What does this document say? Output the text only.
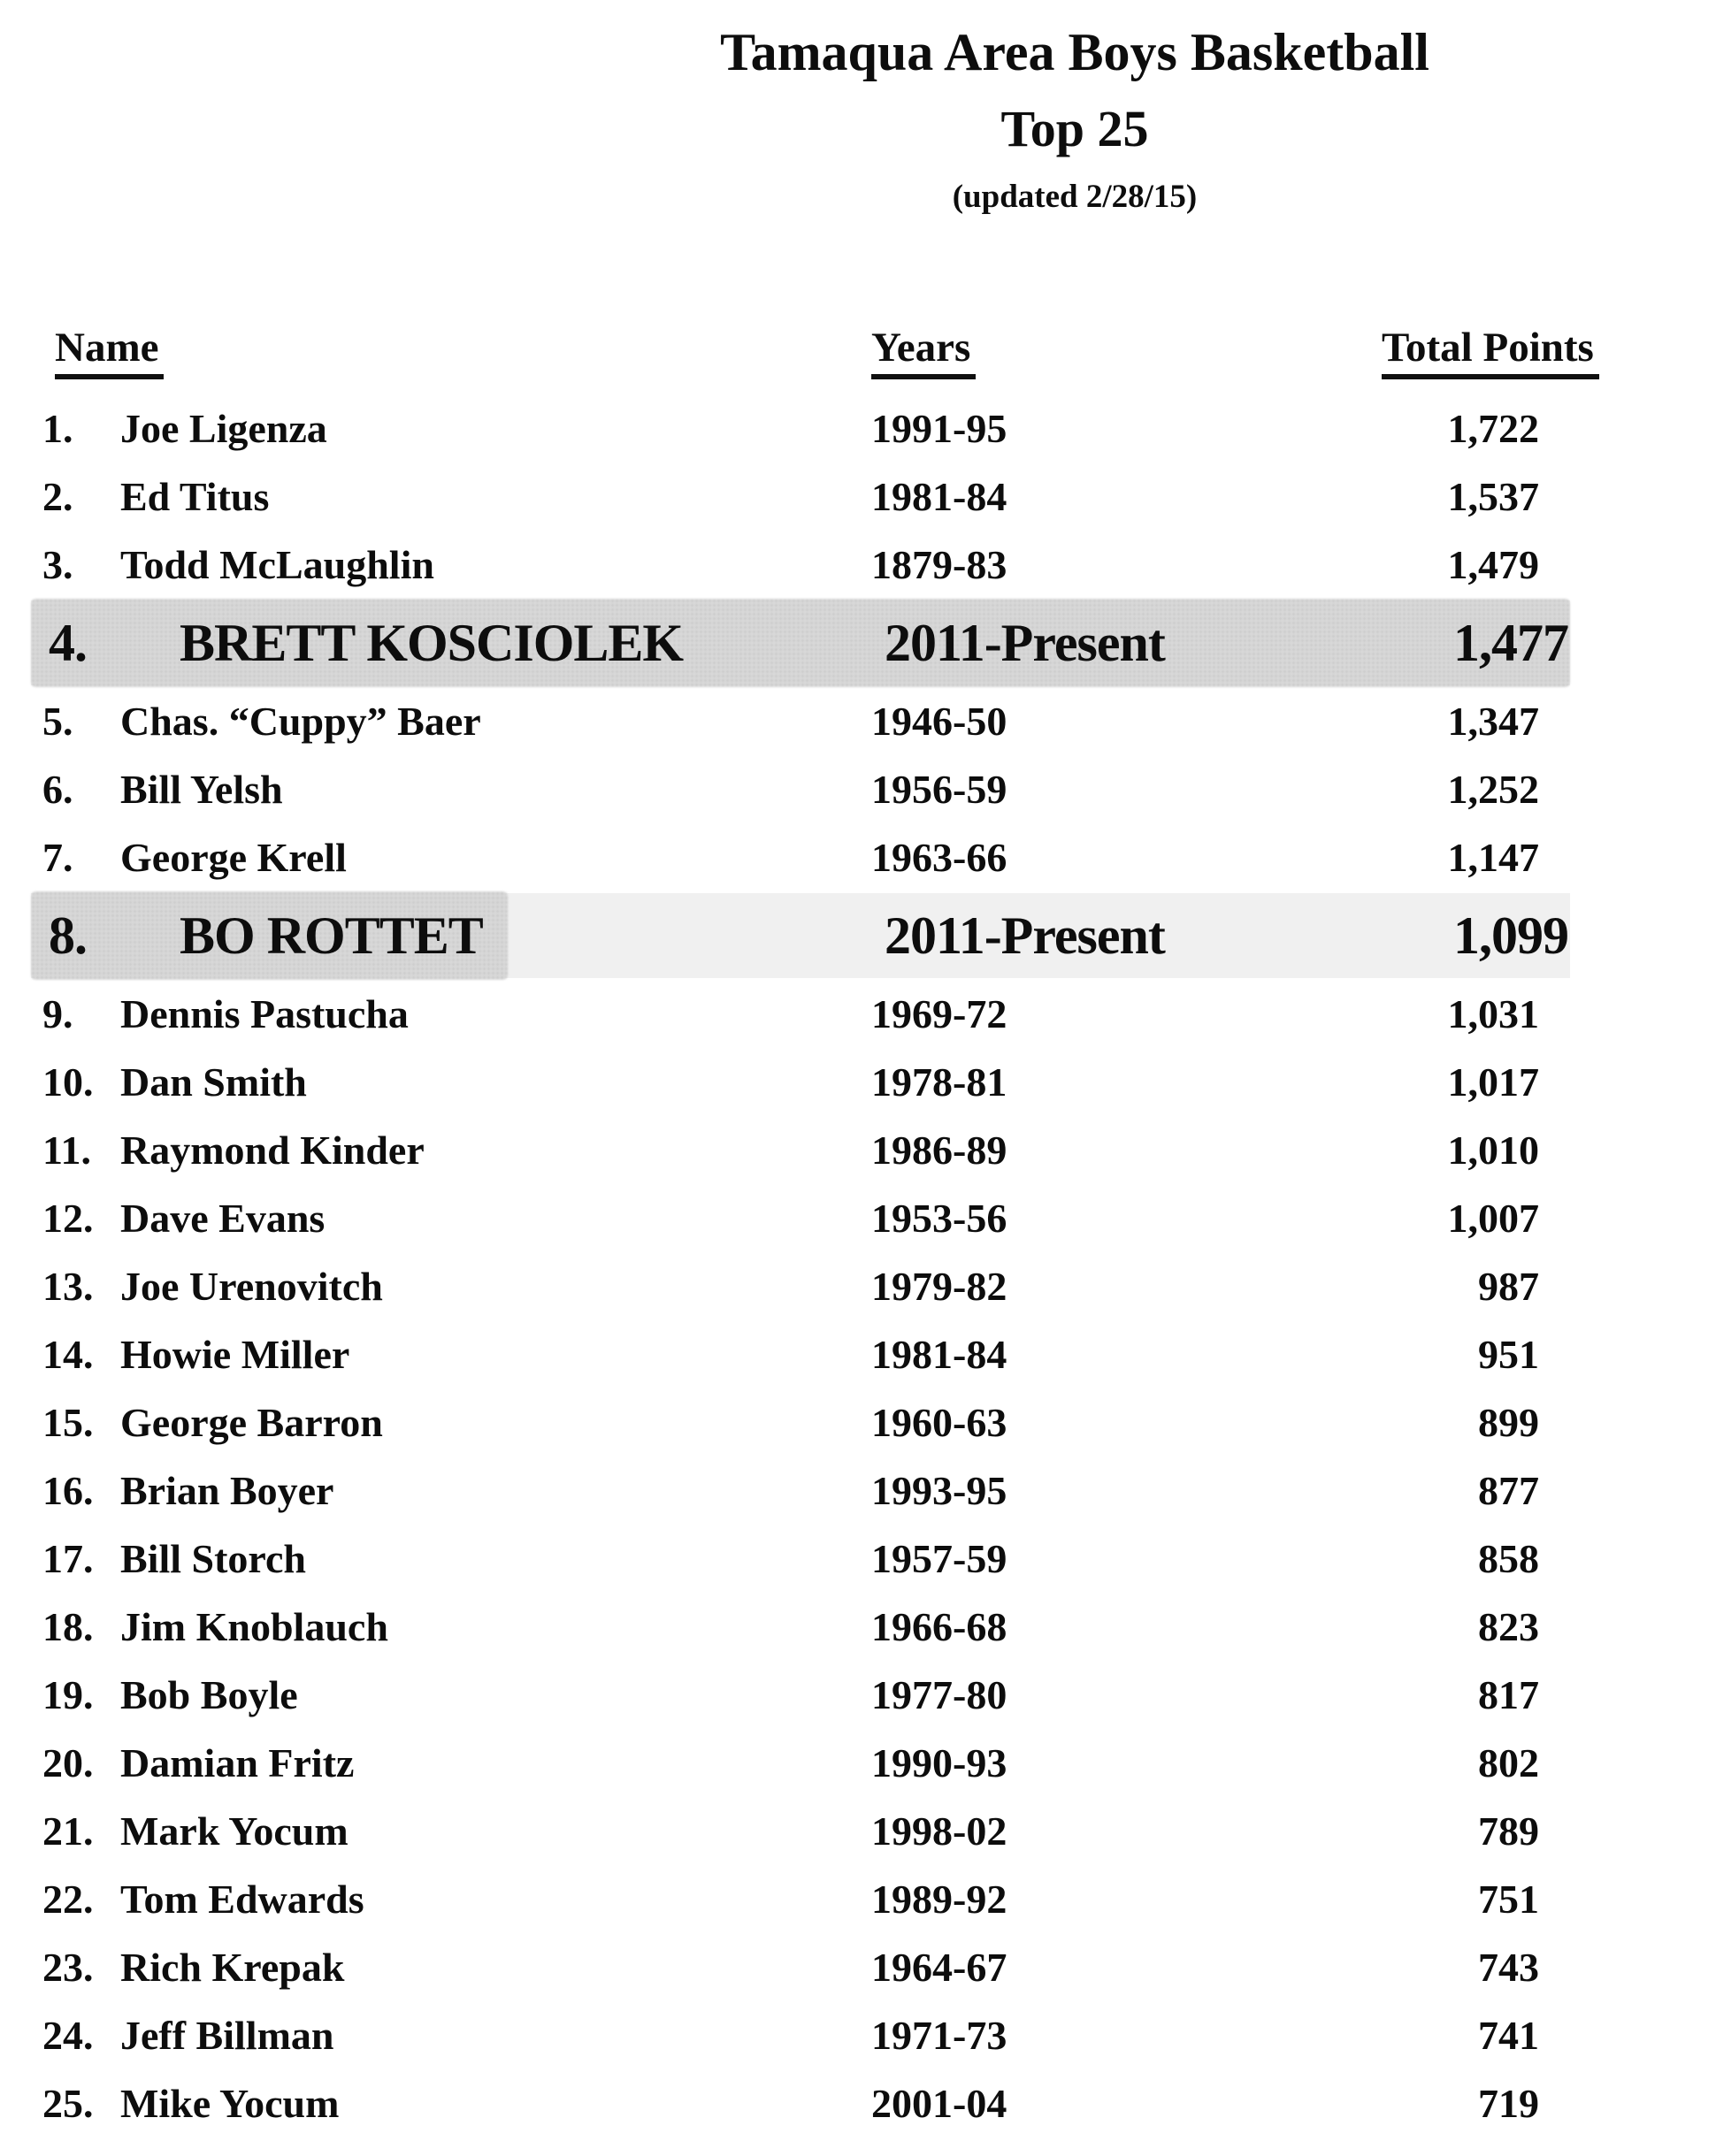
Tamaqua Area Boys Basketball
Top 25

(updated 2/28/15)

Name	Years	Total Points
1.	Joe Ligenza	1991-95	1,722
2.	Ed Titus	1981-84	1,537
3.	Todd McLaughlin	1879-83	1,479
4.	BRETT KOSCIOLEK	2011-Present	1,477
5.	Chas. “Cuppy” Baer	1946-50	1,347
6.	Bill Yelsh	1956-59	1,252
7.	George Krell	1963-66	1,147
8.	BO ROTTET	2011-Present	1,099
9.	Dennis Pastucha	1969-72	1,031
10. Dan Smith	1978-81	1,017
11. Raymond Kinder	1986-89	1,010
12. Dave Evans	1953-56	1,007
13. Joe Urenovitch	1979-82	987
14. Howie Miller	1981-84	951
15. George Barron	1960-63	899
16. Brian Boyer	1993-95	877
17. Bill Storch	1957-59	858
18. Jim Knoblauch	1966-68	823
19. Bob Boyle	1977-80	817
20. Damian Fritz	1990-93	802
21. Mark Yocum	1998-02	789
22. Tom Edwards	1989-92	751
23. Rich Krepak	1964-67	743
24. Jeff Billman	1971-73	741
25. Mike Yocum	2001-04	719
